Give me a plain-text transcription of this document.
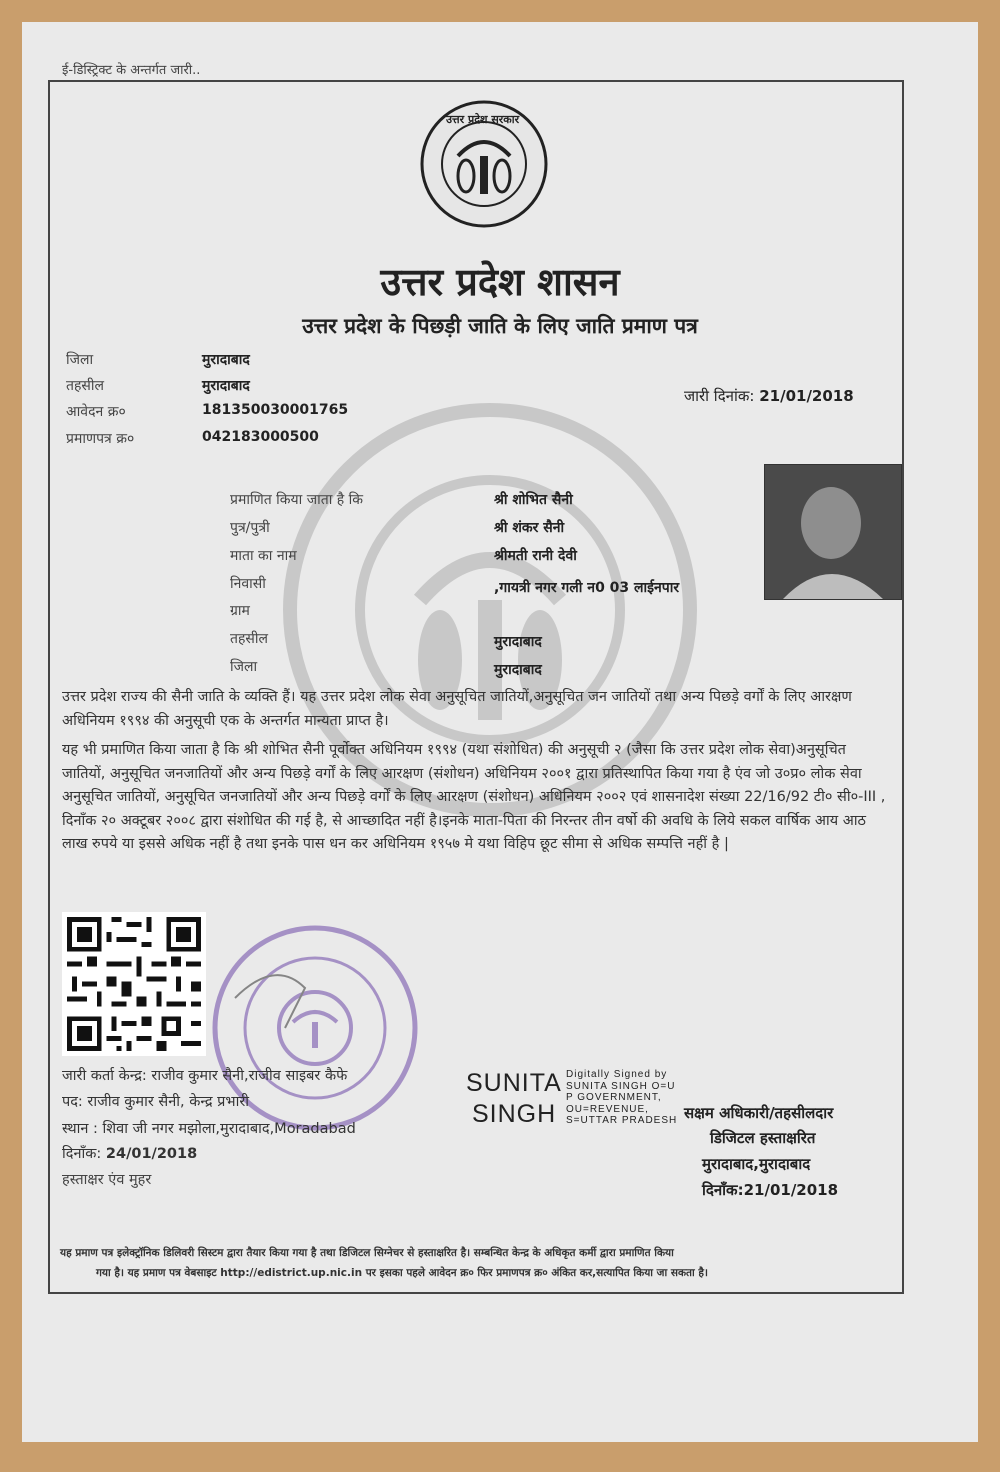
ई-डिस्ट्रिक्ट के अन्तर्गत जारी..
उत्तर प्रदेश सरकार
उत्तर प्रदेश शासन
उत्तर प्रदेश के पिछड़ी जाति के लिए जाति प्रमाण पत्र
जिला	मुरादाबाद
तहसील	मुरादाबाद
आवेदन क्र०	181350030001765
प्रमाणपत्र क्र०	042183000500
जारी दिनांक: 21/01/2018
प्रमाणित किया जाता है कि	श्री शोभित सैनी
पुत्र/पुत्री	श्री शंकर सैनी
माता का नाम	श्रीमती रानी देवी
निवासी	,गायत्री नगर गली न0 03 लाईनपार
ग्राम
तहसील	मुरादाबाद
जिला	मुरादाबाद
उत्तर प्रदेश राज्य की सैनी जाति के व्यक्ति हैं। यह उत्तर प्रदेश लोक सेवा अनुसूचित जातियों,अनुसूचित जन जातियों तथा अन्य पिछड़े वर्गों के लिए आरक्षण अधिनियम १९९४ की अनुसूची एक के अन्तर्गत मान्यता प्राप्त है।
यह भी प्रमाणित किया जाता है कि श्री शोभित सैनी पूर्वोक्त अधिनियम १९९४ (यथा संशोधित) की अनुसूची २ (जैसा कि उत्तर प्रदेश लोक सेवा)अनुसूचित जातियों, अनुसूचित जनजातियों और अन्य पिछड़े वर्गों के लिए आरक्षण (संशोधन) अधिनियम २००१ द्वारा प्रतिस्थापित किया गया है एंव जो उ०प्र० लोक सेवा अनुसूचित जातियों, अनुसूचित जनजातियों और अन्य पिछड़े वर्गों के लिए आरक्षण (संशोधन) अधिनियम २००२ एवं शासनादेश संख्या 22/16/92 टी० सी०-III , दिनाँक २० अक्टूबर २००८ द्वारा संशोधित की गई है, से आच्छादित नहीं है।इनके माता-पिता की निरन्तर तीन वर्षो की अवधि के लिये सकल वार्षिक आय आठ लाख रुपये या इससे अधिक नहीं है तथा इनके पास धन कर अधिनियम १९५७ मे यथा विहिप छूट सीमा से अधिक सम्पत्ति नहीं है |
जारी कर्ता केन्द्र: राजीव कुमार सैनी,राजीव साइबर कैफे
पद: राजीव कुमार सैनी, केन्द्र प्रभारी
स्थान : शिवा जी नगर मझोला,मुरादाबाद,Moradabad
दिनाँक: 24/01/2018
हस्ताक्षर एंव मुहर
SUNITA
SINGH
Digitally Signed by SUNITA SINGH O=U P GOVERNMENT, OU=REVENUE, S=UTTAR PRADESH सक्षम अधिकारी/तहसीलदार
डिजिटल हस्ताक्षरित
मुरादाबाद,मुरादाबाद
दिनाँक:21/01/2018
यह प्रमाण पत्र इलेक्ट्रॉनिक डिलिवरी सिस्टम द्वारा तैयार किया गया है तथा डिजिटल सिग्नेचर से हस्ताक्षरित है। सम्बन्धित केन्द्र के अधिकृत कर्मी द्वारा प्रमाणित किया
गया है। यह प्रमाण पत्र वेबसाइट http://edistrict.up.nic.in पर इसका पहले आवेदन क्र० फिर प्रमाणपत्र क्र० अंकित कर,सत्यापित किया जा सकता है।
